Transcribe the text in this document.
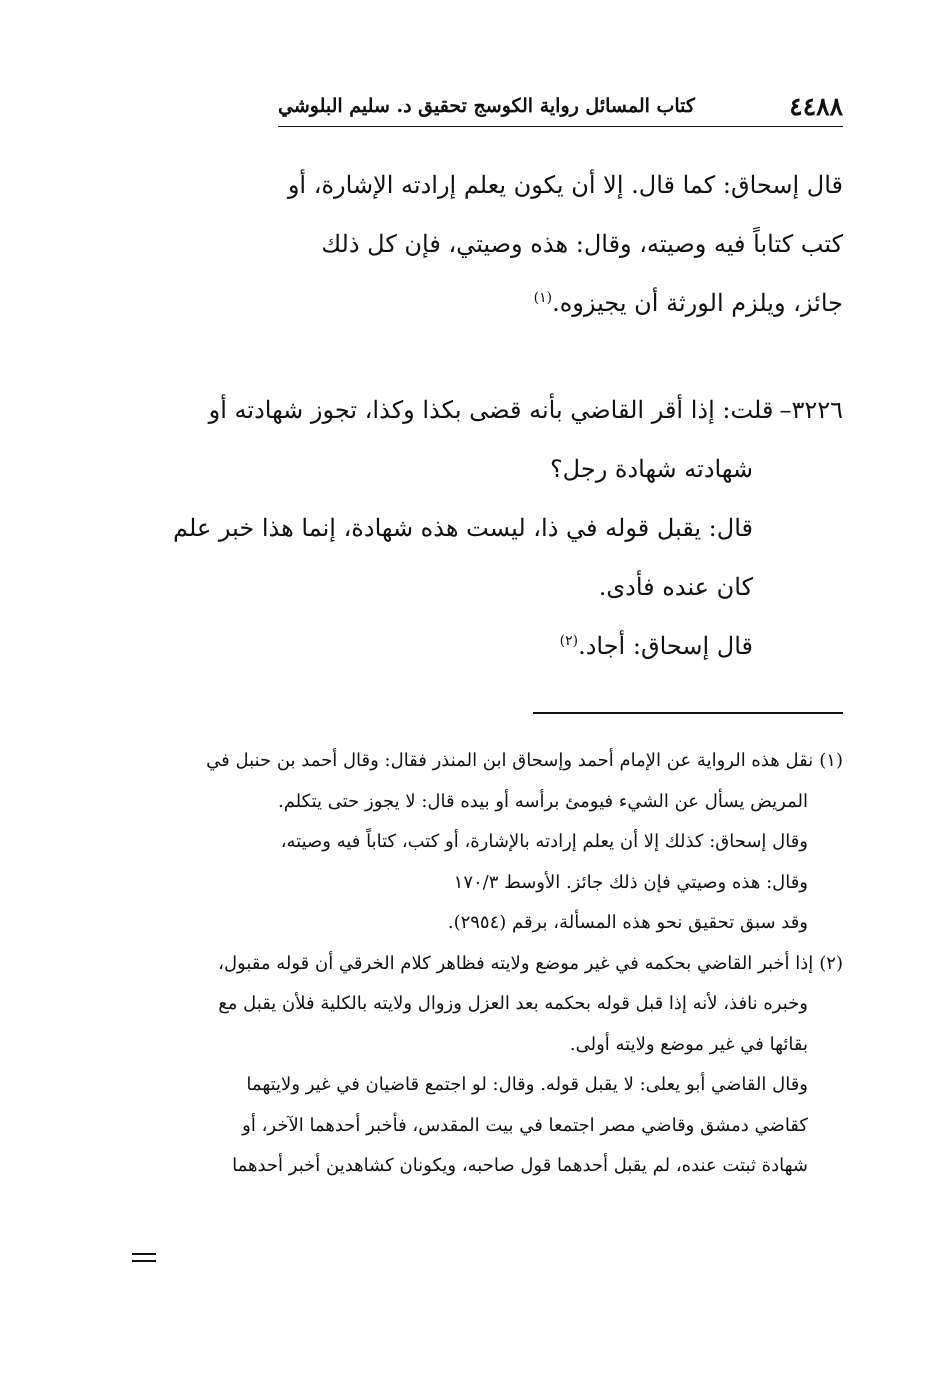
٤٤٨٨
كتاب المسائل رواية الكوسج تحقيق د. سليم البلوشي

قال إسحاق: كما قال. إلا أن يكون يعلم إرادته الإشارة، أو

كتب كتاباً فيه وصيته، وقال: هذه وصيتي، فإن كل ذلك

جائز، ويلزم الورثة أن يجيزوه.$^{(١)}$

٣٢٢٦–قلت: إذا أقر القاضي بأنه قضى بكذا وكذا، تجوز شهادته أو

شهادته شهادة رجل؟

قال: يقبل قوله في ذا، ليست هذه شهادة، إنما هذا خبر علم

كان عنده فأدى.

قال إسحاق: أجاد.$^{(٢)}$

(١)نقل هذه الرواية عن الإمام أحمد وإسحاق ابن المنذر فقال: وقال أحمد بن حنبل في

المريض يسأل عن الشيء فيومئ برأسه أو بيده قال: لا يجوز حتى يتكلم.

وقال إسحاق: كذلك إلا أن يعلم إرادته بالإشارة، أو كتب، كتاباً فيه وصيته،

وقال: هذه وصيتي فإن ذلك جائز. الأوسط ١٧٠/٣

وقد سبق تحقيق نحو هذه المسألة، برقم (٢٩٥٤).

(٢)إذا أخبر القاضي بحكمه في غير موضع ولايته فظاهر كلام الخرقي أن قوله مقبول،

وخبره نافذ، لأنه إذا قبل قوله بحكمه بعد العزل وزوال ولايته بالكلية فلأن يقبل مع

بقائها في غير موضع ولايته أولى.

وقال القاضي أبو يعلى: لا يقبل قوله. وقال: لو اجتمع قاضيان في غير ولايتهما

كقاضي دمشق وقاضي مصر اجتمعا في بيت المقدس، فأخبر أحدهما الآخر، أو

شهادة ثبتت عنده، لم يقبل أحدهما قول صاحبه، ويكونان كشاهدين أخبر أحدهما
